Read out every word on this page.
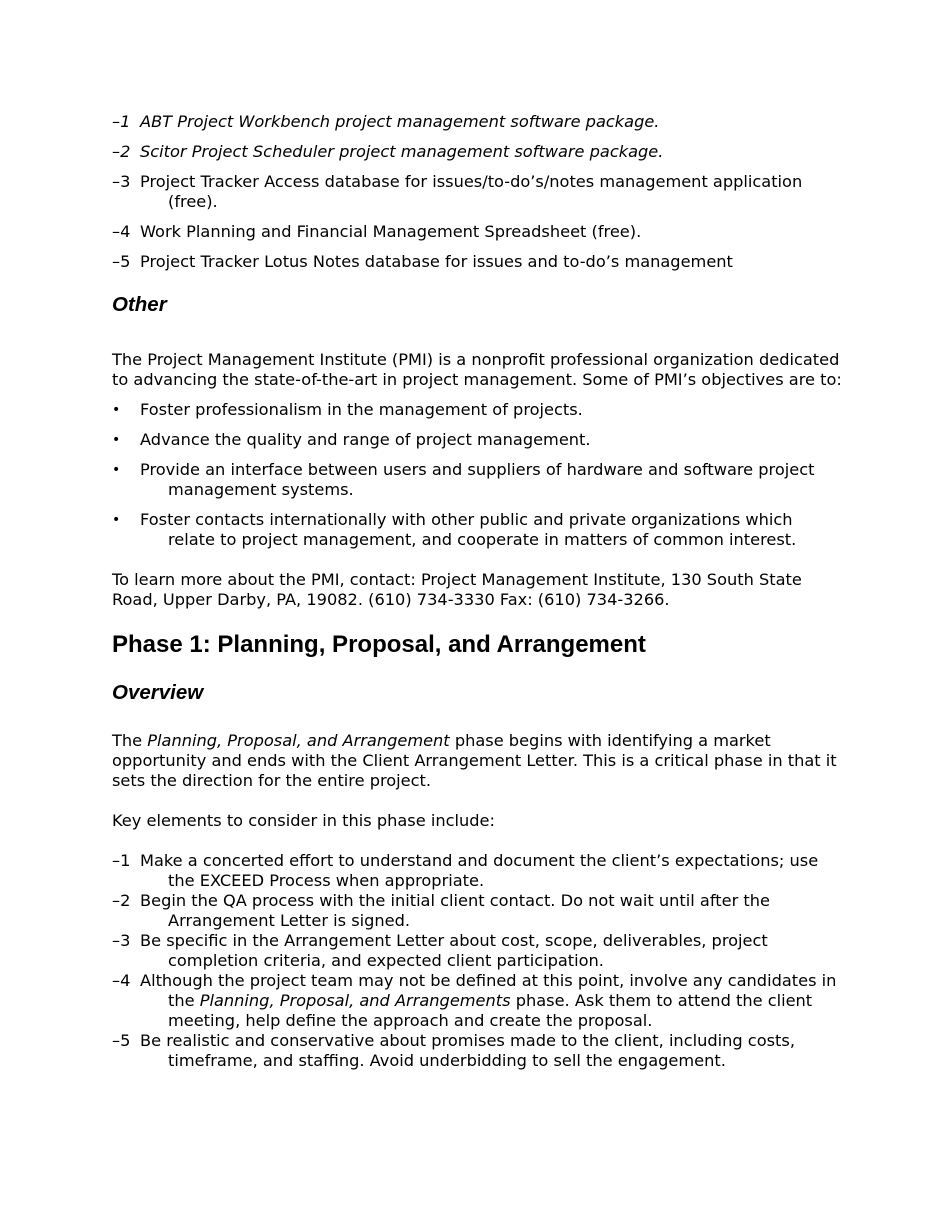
–1 ABT Project Workbench project management software package.
–2 Scitor Project Scheduler project management software package.
–3 Project Tracker Access database for issues/to-do’s/notes management application (free).
–4 Work Planning and Financial Management Spreadsheet (free).
–5 Project Tracker Lotus Notes database for issues and to-do’s management
Other

The Project Management Institute (PMI) is a nonprofit professional organization dedicated to advancing the state-of-the-art in project management. Some of PMI’s objectives are to:

•	Foster professionalism in the management of projects.
•	Advance the quality and range of project management.
•	Provide an interface between users and suppliers of hardware and software project management systems.
•	Foster contacts internationally with other public and private organizations which relate to project management, and cooperate in matters of common interest.

To learn more about the PMI, contact: Project Management Institute, 130 South State Road, Upper Darby, PA, 19082. (610) 734-3330 Fax: (610) 734-3266.

Phase 1: Planning, Proposal, and Arrangement
Overview

The Planning, Proposal, and Arrangement phase begins with identifying a market opportunity and ends with the Client Arrangement Letter. This is a critical phase in that it sets the direction for the entire project.

Key elements to consider in this phase include:

–1 Make a concerted effort to understand and document the client’s expectations; use the EXCEED Process when appropriate.
–2 Begin the QA process with the initial client contact. Do not wait until after the Arrangement Letter is signed.
–3 Be specific in the Arrangement Letter about cost, scope, deliverables, project completion criteria, and expected client participation.
–4 Although the project team may not be defined at this point, involve any candidates in the Planning, Proposal, and Arrangements phase. Ask them to attend the client meeting, help define the approach and create the proposal.
–5 Be realistic and conservative about promises made to the client, including costs, timeframe, and staffing. Avoid underbidding to sell the engagement.
